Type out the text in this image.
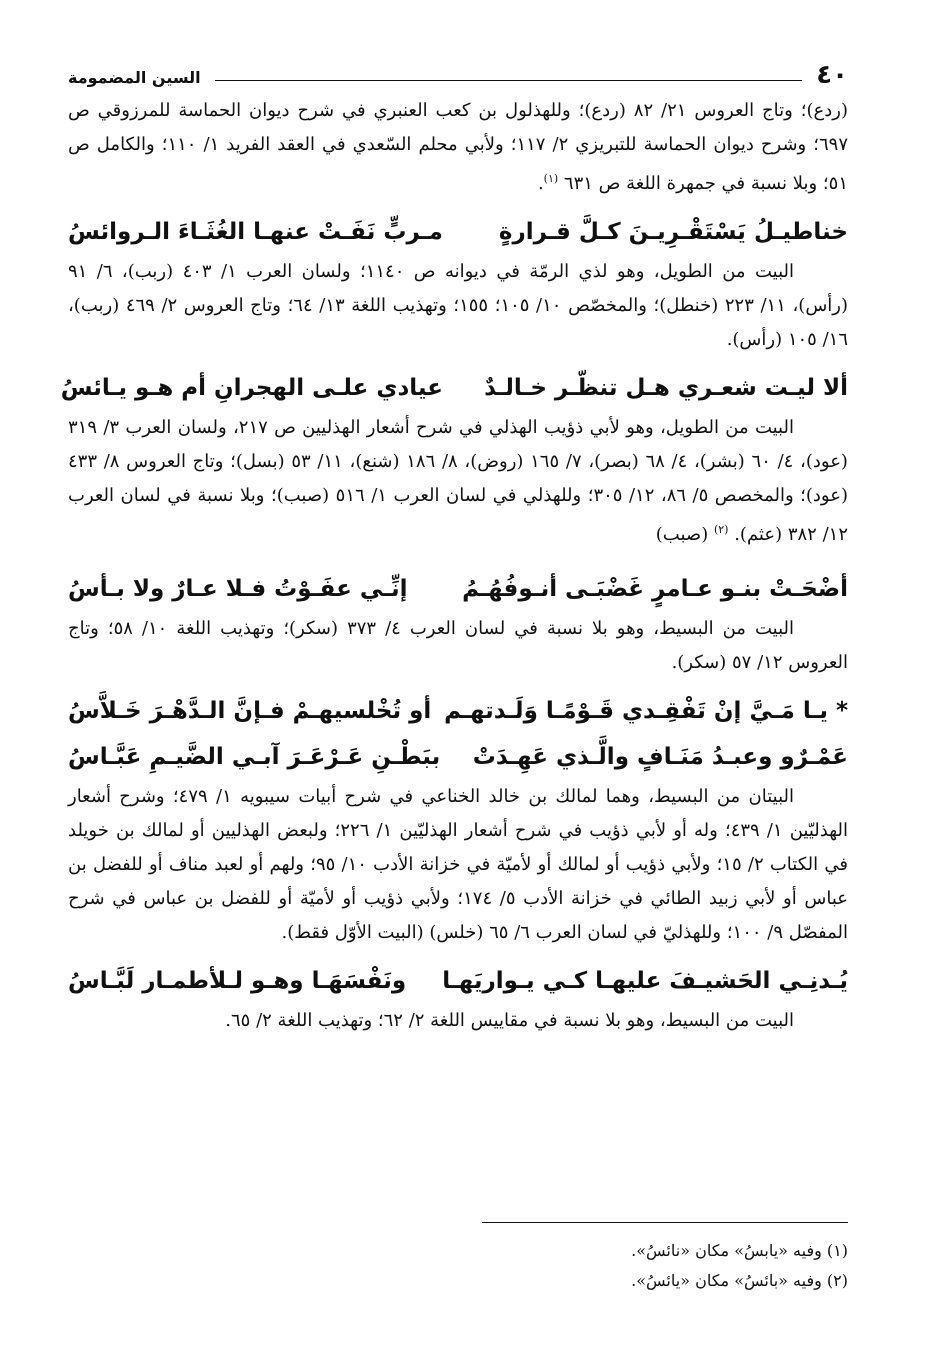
٤٠
السين المضمومة

(ردع)؛ وتاج العروس ٢١/ ٨٢ (ردع)؛ وللهذلول بن كعب العنبري في شرح ديوان الحماسة للمرزوقي ص ٦٩٧؛ وشرح ديوان الحماسة للتبريزي ٢/ ١١٧؛ ولأبي محلم السّعدي في العقد الفريد ١/ ١١٠؛ والكامل ص ٥١؛ وبلا نسبة في جمهرة اللغة ص ٦٣١ $^{(١)}$.

خناطيـلُ يَسْتَقْـرِيـنَ كـلَّ قـرارةٍ
مـربٍّ نَفَـتْ عنهـا الغُثَـاءَ الـروائسُ

البيت من الطويل، وهو لذي الرمّة في ديوانه ص ١١٤٠؛ ولسان العرب ١/ ٤٠٣ (ربب)، ٦/ ٩١ (رأس)، ١١/ ٢٢٣ (خنطل)؛ والمخصّص ١٠/ ١٠٥؛ ١٥٥؛ وتهذيب اللغة ١٣/ ٦٤؛ وتاج العروس ٢/ ٤٦٩ (ربب)، ١٦/ ١٠٥ (رأس).

ألا ليـت شعـري هـل تنظّـر خـالـدٌ
عيادي علـى الهجرانِ أم هـو يـائسُ

البيت من الطويل، وهو لأبي ذؤيب الهذلي في شرح أشعار الهذليين ص ٢١٧، ولسان العرب ٣/ ٣١٩ (عود)، ٤/ ٦٠ (بشر)، ٤/ ٦٨ (بصر)، ٧/ ١٦٥ (روض)، ٨/ ١٨٦ (شنع)، ١١/ ٥٣ (بسل)؛ وتاج العروس ٨/ ٤٣٣ (عود)؛ والمخصص ٥/ ٨٦، ١٢/ ٣٠٥؛ وللهذلي في لسان العرب ١/ ٥١٦ (صبب)؛ وبلا نسبة في لسان العرب ١٢/ ٣٨٢ (عثم). $^{(٢)}$ (صبب)

أضْحَـتْ بنـو عـامرٍ غَضْبَـى أنـوفُهُـمُ
إنِّـي عفَـوْتُ فـلا عـارٌ ولا بـأسُ

البيت من البسيط، وهو بلا نسبة في لسان العرب ٤/ ٣٧٣ (سكر)؛ وتهذيب اللغة ١٠/ ٥٨؛ وتاج العروس ١٢/ ٥٧ (سكر).

* يـا مَـيَّ إنْ تَفْقِـدي قَـوْمًـا وَلَـدتهـم
أو تُخْلسيهـمْ فـإنَّ الـدَّهْـرَ خَـلاَّسُ
عَمْـرٌو وعبـدُ مَنَـافٍ والَّـذي عَهِـدَتْ
ببَطْـنِ عَـرْعَـرَ آبـي الضَّيـمِ عَبَّـاسُ

البيتان من البسيط، وهما لمالك بن خالد الخناعي في شرح أبيات سيبويه ١/ ٤٧٩؛ وشرح أشعار الهذليّين ١/ ٤٣٩؛ وله أو لأبي ذؤيب في شرح أشعار الهذليّين ١/ ٢٢٦؛ ولبعض الهذليين أو لمالك بن خويلد في الكتاب ٢/ ١٥؛ ولأبي ذؤيب أو لمالك أو لأميّة في خزانة الأدب ١٠/ ٩٥؛ ولهم أو لعبد مناف أو للفضل بن عباس أو لأبي زبيد الطائي في خزانة الأدب ٥/ ١٧٤؛ ولأبي ذؤيب أو لأميّة أو للفضل بن عباس في شرح المفصّل ٩/ ١٠٠؛ وللهذليّ في لسان العرب ٦/ ٦٥ (خلس) (البيت الأوّل فقط).

يُـدنِـي الحَشيـفَ عليهـا كـي يـواريَهـا
ونَفْسَهَـا وهـو لـلأطمـار لَبَّـاسُ

البيت من البسيط، وهو بلا نسبة في مقاييس اللغة ٢/ ٦٢؛ وتهذيب اللغة ٢/ ٦٥.

(١) وفيه «يابسُ» مكان «نائسُ».
(٢) وفيه «بائسُ» مكان «يائسُ».
